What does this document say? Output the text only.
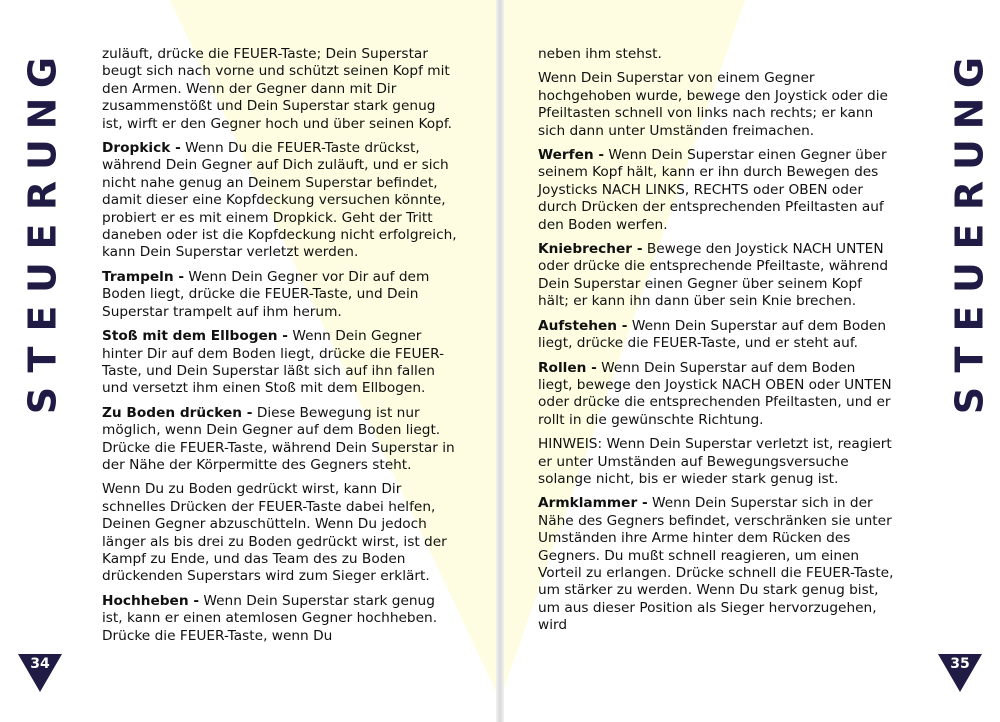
G
N
U
R
E
U
E
T
S

zuläuft, drücke die FEUER-Taste; Dein Superstar beugt sich nach vorne und schützt seinen Kopf mit den Armen. Wenn der Gegner dann mit Dir zusammenstößt und Dein Superstar stark genug ist, wirft er den Gegner hoch und über seinen Kopf.

Dropkick - Wenn Du die FEUER-Taste drückst, während Dein Gegner auf Dich zuläuft, und er sich nicht nahe genug an Deinem Superstar befindet, damit dieser eine Kopfdeckung versuchen könnte, probiert er es mit einem Dropkick. Geht der Tritt daneben oder ist die Kopfdeckung nicht erfolgreich, kann Dein Superstar verletzt werden.

Trampeln - Wenn Dein Gegner vor Dir auf dem Boden liegt, drücke die FEUER-Taste, und Dein Superstar trampelt auf ihm herum.

Stoß mit dem Ellbogen - Wenn Dein Gegner hinter Dir auf dem Boden liegt, drücke die FEUER-Taste, und Dein Superstar läßt sich auf ihn fallen und versetzt ihm einen Stoß mit dem Ellbogen.

Zu Boden drücken - Diese Bewegung ist nur möglich, wenn Dein Gegner auf dem Boden liegt. Drücke die FEUER-Taste, während Dein Superstar in der Nähe der Körpermitte des Gegners steht.

Wenn Du zu Boden gedrückt wirst, kann Dir schnelles Drücken der FEUER-Taste dabei helfen, Deinen Gegner abzuschütteln. Wenn Du jedoch länger als bis drei zu Boden gedrückt wirst, ist der Kampf zu Ende, und das Team des zu Boden drückenden Superstars wird zum Sieger erklärt.

Hochheben - Wenn Dein Superstar stark genug ist, kann er einen atemlosen Gegner hochheben. Drücke die FEUER-Taste, wenn Du

34
G
N
U
R
E
U
E
T
S

neben ihm stehst.

Wenn Dein Superstar von einem Gegner hochgehoben wurde, bewege den Joystick oder die Pfeiltasten schnell von links nach rechts; er kann sich dann unter Umständen freimachen.

Werfen - Wenn Dein Superstar einen Gegner über seinem Kopf hält, kann er ihn durch Bewegen des Joysticks NACH LINKS, RECHTS oder OBEN oder durch Drücken der entsprechenden Pfeiltasten auf den Boden werfen.

Kniebrecher - Bewege den Joystick NACH UNTEN oder drücke die entsprechende Pfeiltaste, während Dein Superstar einen Gegner über seinem Kopf hält; er kann ihn dann über sein Knie brechen.

Aufstehen - Wenn Dein Superstar auf dem Boden liegt, drücke die FEUER-Taste, und er steht auf.

Rollen - Wenn Dein Superstar auf dem Boden liegt, bewege den Joystick NACH OBEN oder UNTEN oder drücke die entsprechenden Pfeiltasten, und er rollt in die gewünschte Richtung.

HINWEIS: Wenn Dein Superstar verletzt ist, reagiert er unter Umständen auf Bewegungsversuche solange nicht, bis er wieder stark genug ist.

Armklammer - Wenn Dein Superstar sich in der Nähe des Gegners befindet, verschränken sie unter Umständen ihre Arme hinter dem Rücken des Gegners. Du mußt schnell reagieren, um einen Vorteil zu erlangen. Drücke schnell die FEUER-Taste, um stärker zu werden. Wenn Du stark genug bist, um aus dieser Position als Sieger hervorzugehen, wird

35
